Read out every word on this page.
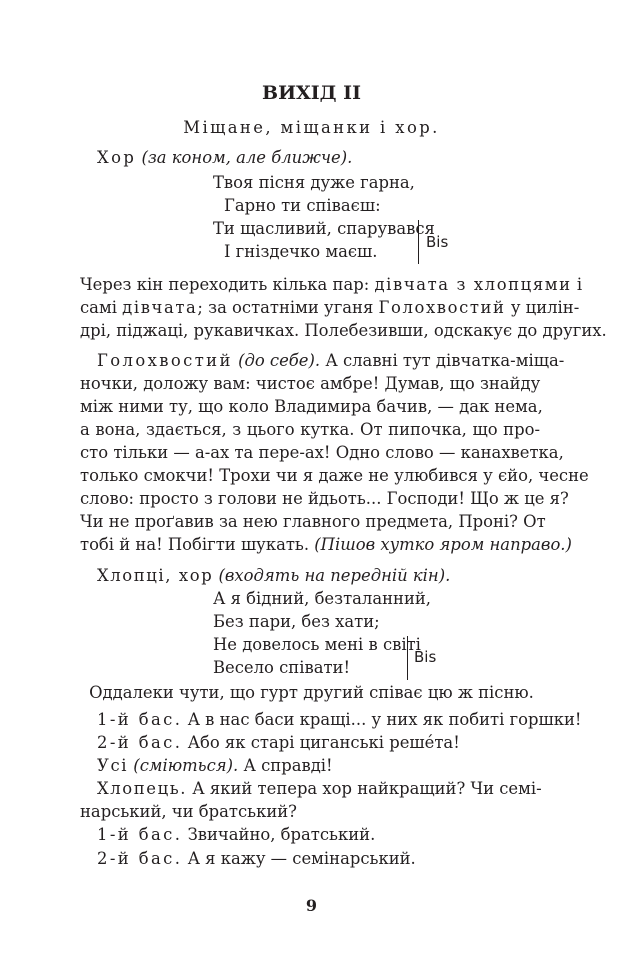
ВИХІД II
Міщане, міщанки і хор.
Хор (за коном, але ближче).
Твоя пісня дуже гарна,
Гарно ти співаєш:
Ти щасливий, спарувався
І гніздечко маєш.	Bis
Через кін переходить кілька пар: дівчата з хлопцями і
самі дівчата; за остатніми уганя Голохвостий у цилін-
дрі, піджаці, рукавичках. Полебезивши, одскакує до других.
Голохвостий (до себе). А славні тут дівчатка-міща-
ночки, доложу вам: чистоє амбре! Думав, що знайду
між ними ту, що коло Владимира бачив, — дак нема,
а вона, здається, з цього кутка. От пипочка, що про-
сто тільки — а-ах та пере-ах! Одно слово — канахветка,
только смокчи! Трохи чи я даже не улюбився у єйо, чесне
слово: просто з голови не йдьоть... Господи! Що ж це я?
Чи не проґавив за нею главного предмета, Проні? От
тобі й на! Побігти шукать. (Пішов хутко яром направо.)
Хлопці, хор (входять на передній кін).
А я бідний, безталанний,
Без пари, без хати;
Не довелось мені в світі
Весело співати!
Bis
Оддалеки чути, що гурт другий співає цю ж пісню.
1-й бас. А в нас баси кращі... у них як побиті горшки!
2-й бас. Або як старі циганські решéта!
Усі (сміються). А справді!
Хлопець. А який тепера хор найкращий? Чи семі-
нарський, чи братський?
1-й бас. Звичайно, братський.
2-й бас. А я кажу — семінарський.
9
